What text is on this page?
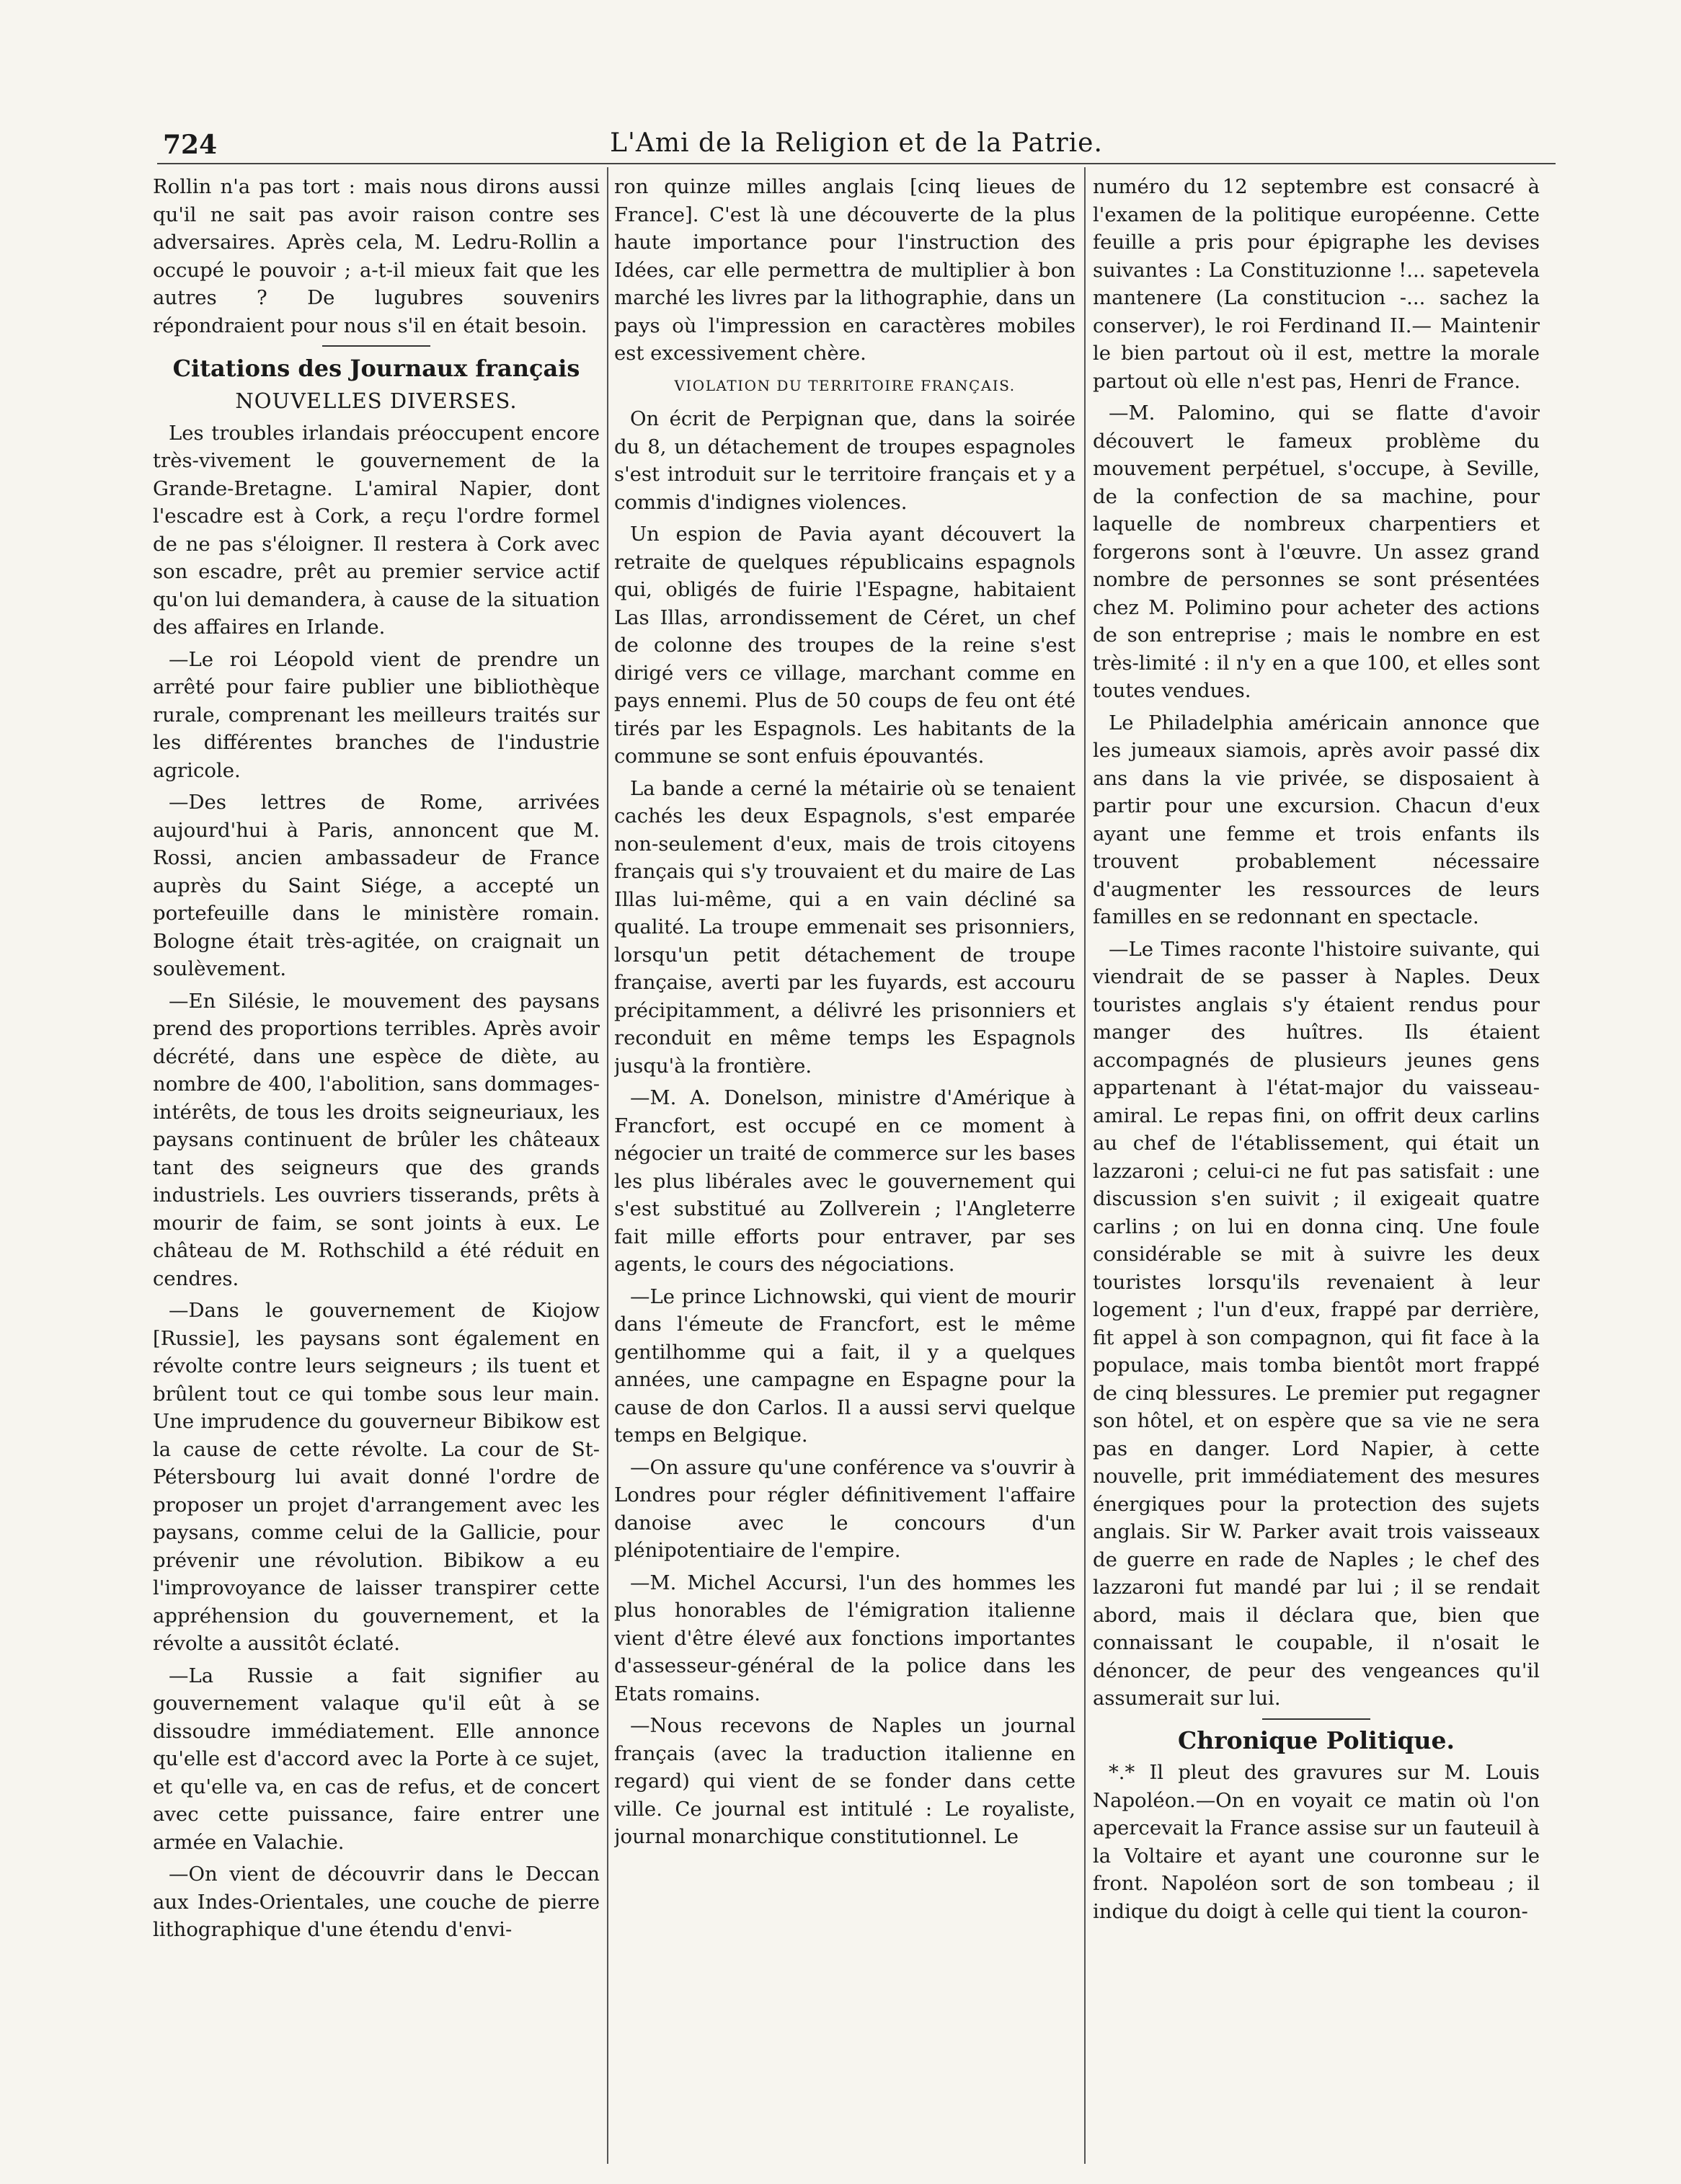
724	L'Ami de la Religion et de la Patrie.

Rollin n'a pas tort : mais nous dirons aussi qu'il ne sait pas avoir raison contre ses adversaires. Après cela, M. Ledru-Rollin a occupé le pouvoir ; a-t-il mieux fait que les autres ? De lugubres souvenirs répondraient pour nous s'il en était besoin.

Citations des Journaux français
NOUVELLES DIVERSES.

Les troubles irlandais préoccupent encore très-vivement le gouvernement de la Grande-Bretagne. L'amiral Napier, dont l'escadre est à Cork, a reçu l'ordre formel de ne pas s'éloigner. Il restera à Cork avec son escadre, prêt au premier service actif qu'on lui demandera, à cause de la situation des affaires en Irlande.

—Le roi Léopold vient de prendre un arrêté pour faire publier une bibliothèque rurale, comprenant les meilleurs traités sur les différentes branches de l'industrie agricole.

—Des lettres de Rome, arrivées aujourd'hui à Paris, annoncent que M. Rossi, ancien ambassadeur de France auprès du Saint Siége, a accepté un portefeuille dans le ministère romain. Bologne était très-agitée, on craignait un soulèvement.

—En Silésie, le mouvement des paysans prend des proportions terribles. Après avoir décrété, dans une espèce de diète, au nombre de 400, l'abolition, sans dommages-intérêts, de tous les droits seigneuriaux, les paysans continuent de brûler les châteaux tant des seigneurs que des grands industriels. Les ouvriers tisserands, prêts à mourir de faim, se sont joints à eux. Le château de M. Rothschild a été réduit en cendres.

—Dans le gouvernement de Kiojow [Russie], les paysans sont également en révolte contre leurs seigneurs ; ils tuent et brûlent tout ce qui tombe sous leur main. Une imprudence du gouverneur Bibikow est la cause de cette révolte. La cour de St-Pétersbourg lui avait donné l'ordre de proposer un projet d'arrangement avec les paysans, comme celui de la Gallicie, pour prévenir une révolution. Bibikow a eu l'improvoyance de laisser transpirer cette appréhension du gouvernement, et la révolte a aussitôt éclaté.

—La Russie a fait signifier au gouvernement valaque qu'il eût à se dissoudre immédiatement. Elle annonce qu'elle est d'accord avec la Porte à ce sujet, et qu'elle va, en cas de refus, et de concert avec cette puissance, faire entrer une armée en Valachie.

—On vient de découvrir dans le Deccan aux Indes-Orientales, une couche de pierre lithographique d'une étendu d'envi-

ron quinze milles anglais [cinq lieues de France]. C'est là une découverte de la plus haute importance pour l'instruction des Idées, car elle permettra de multiplier à bon marché les livres par la lithographie, dans un pays où l'impression en caractères mobiles est excessivement chère.

VIOLATION DU TERRITOIRE FRANÇAIS.

On écrit de Perpignan que, dans la soirée du 8, un détachement de troupes espagnoles s'est introduit sur le territoire français et y a commis d'indignes violences.

Un espion de Pavia ayant découvert la retraite de quelques républicains espagnols qui, obligés de fuirie l'Espagne, habitaient Las Illas, arrondissement de Céret, un chef de colonne des troupes de la reine s'est dirigé vers ce village, marchant comme en pays ennemi. Plus de 50 coups de feu ont été tirés par les Espagnols. Les habitants de la commune se sont enfuis épouvantés.

La bande a cerné la métairie où se tenaient cachés les deux Espagnols, s'est emparée non-seulement d'eux, mais de trois citoyens français qui s'y trouvaient et du maire de Las Illas lui-même, qui a en vain décliné sa qualité. La troupe emmenait ses prisonniers, lorsqu'un petit détachement de troupe française, averti par les fuyards, est accouru précipitamment, a délivré les prisonniers et reconduit en même temps les Espagnols jusqu'à la frontière.

—M. A. Donelson, ministre d'Amérique à Francfort, est occupé en ce moment à négocier un traité de commerce sur les bases les plus libérales avec le gouvernement qui s'est substitué au Zollverein ; l'Angleterre fait mille efforts pour entraver, par ses agents, le cours des négociations.

—Le prince Lichnowski, qui vient de mourir dans l'émeute de Francfort, est le même gentilhomme qui a fait, il y a quelques années, une campagne en Espagne pour la cause de don Carlos. Il a aussi servi quelque temps en Belgique.

—On assure qu'une conférence va s'ouvrir à Londres pour régler définitivement l'affaire danoise avec le concours d'un plénipotentiaire de l'empire.

—M. Michel Accursi, l'un des hommes les plus honorables de l'émigration italienne vient d'être élevé aux fonctions importantes d'assesseur-général de la police dans les Etats romains.

—Nous recevons de Naples un journal français (avec la traduction italienne en regard) qui vient de se fonder dans cette ville. Ce journal est intitulé : Le royaliste, journal monarchique constitutionnel. Le

numéro du 12 septembre est consacré à l'examen de la politique européenne. Cette feuille a pris pour épigraphe les devises suivantes : La Constituzionne !... sapetevela mantenere (La constitucion -... sachez la conserver), le roi Ferdinand II.— Maintenir le bien partout où il est, mettre la morale partout où elle n'est pas, Henri de France.

—M. Palomino, qui se flatte d'avoir découvert le fameux problème du mouvement perpétuel, s'occupe, à Seville, de la confection de sa machine, pour laquelle de nombreux charpentiers et forgerons sont à l'œuvre. Un assez grand nombre de personnes se sont présentées chez M. Polimino pour acheter des actions de son entreprise ; mais le nombre en est très-limité : il n'y en a que 100, et elles sont toutes vendues.

Le Philadelphia américain annonce que les jumeaux siamois, après avoir passé dix ans dans la vie privée, se disposaient à partir pour une excursion. Chacun d'eux ayant une femme et trois enfants ils trouvent probablement nécessaire d'augmenter les ressources de leurs familles en se redonnant en spectacle.

—Le Times raconte l'histoire suivante, qui viendrait de se passer à Naples. Deux touristes anglais s'y étaient rendus pour manger des huîtres. Ils étaient accompagnés de plusieurs jeunes gens appartenant à l'état-major du vaisseau-amiral. Le repas fini, on offrit deux carlins au chef de l'établissement, qui était un lazzaroni ; celui-ci ne fut pas satisfait : une discussion s'en suivit ; il exigeait quatre carlins ; on lui en donna cinq. Une foule considérable se mit à suivre les deux touristes lorsqu'ils revenaient à leur logement ; l'un d'eux, frappé par derrière, fit appel à son compagnon, qui fit face à la populace, mais tomba bientôt mort frappé de cinq blessures. Le premier put regagner son hôtel, et on espère que sa vie ne sera pas en danger. Lord Napier, à cette nouvelle, prit immédiatement des mesures énergiques pour la protection des sujets anglais. Sir W. Parker avait trois vaisseaux de guerre en rade de Naples ; le chef des lazzaroni fut mandé par lui ; il se rendait abord, mais il déclara que, bien que connaissant le coupable, il n'osait le dénoncer, de peur des vengeances qu'il assumerait sur lui.

Chronique Politique.

*.* Il pleut des gravures sur M. Louis Napoléon.—On en voyait ce matin où l'on apercevait la France assise sur un fauteuil à la Voltaire et ayant une couronne sur le front. Napoléon sort de son tombeau ; il indique du doigt à celle qui tient la couron-
